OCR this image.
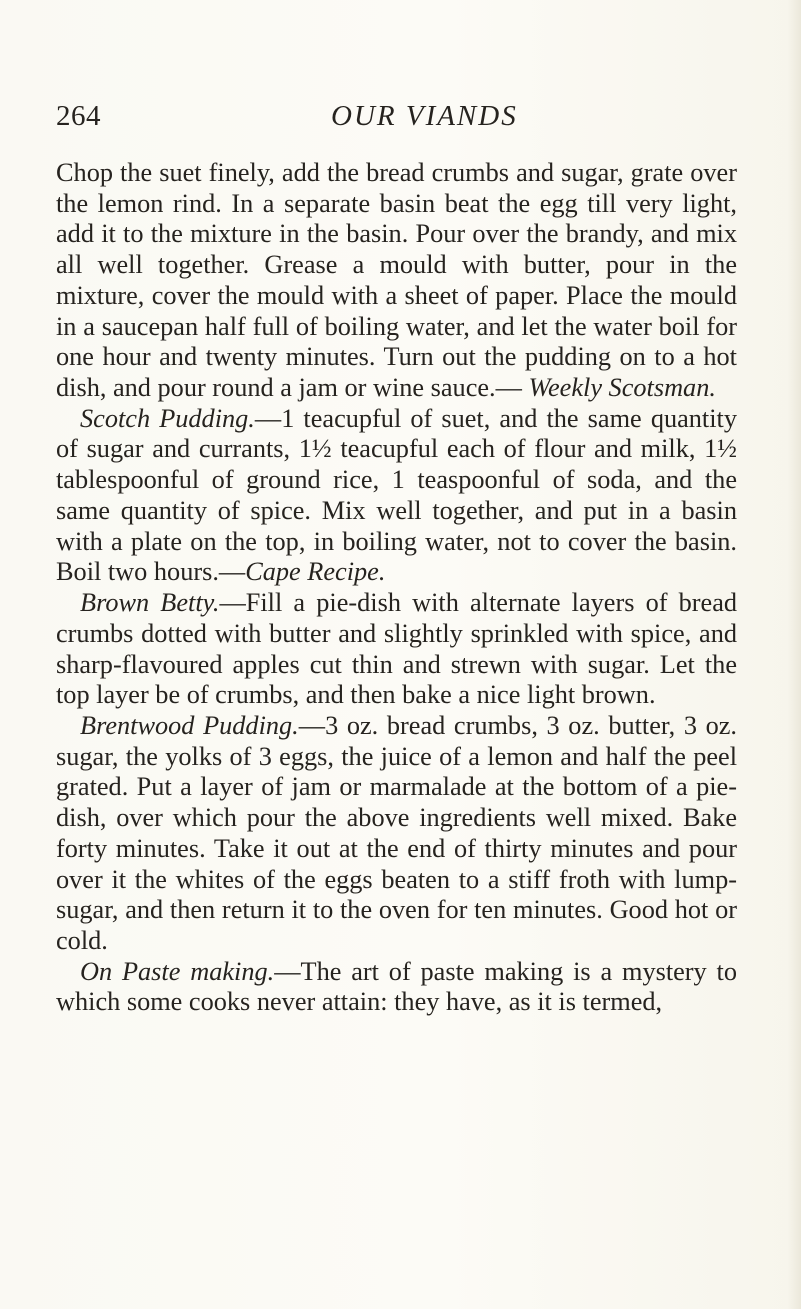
264	OUR VIANDS

Chop the suet finely, add the bread crumbs and sugar, grate over the lemon rind. In a separate basin beat the egg till very light, add it to the mixture in the basin. Pour over the brandy, and mix all well together. Grease a mould with butter, pour in the mixture, cover the mould with a sheet of paper. Place the mould in a saucepan half full of boiling water, and let the water boil for one hour and twenty minutes. Turn out the pudding on to a hot dish, and pour round a jam or wine sauce.— Weekly Scotsman.

Scotch Pudding.—1 teacupful of suet, and the same quantity of sugar and currants, 1½ teacupful each of flour and milk, 1½ tablespoonful of ground rice, 1 teaspoonful of soda, and the same quantity of spice. Mix well together, and put in a basin with a plate on the top, in boiling water, not to cover the basin. Boil two hours.—Cape Recipe.

Brown Betty.—Fill a pie-dish with alternate layers of bread crumbs dotted with butter and slightly sprinkled with spice, and sharp-flavoured apples cut thin and strewn with sugar. Let the top layer be of crumbs, and then bake a nice light brown.

Brentwood Pudding.—3 oz. bread crumbs, 3 oz. butter, 3 oz. sugar, the yolks of 3 eggs, the juice of a lemon and half the peel grated. Put a layer of jam or marmalade at the bottom of a pie-dish, over which pour the above ingredients well mixed. Bake forty minutes. Take it out at the end of thirty minutes and pour over it the whites of the eggs beaten to a stiff froth with lump-sugar, and then return it to the oven for ten minutes. Good hot or cold.

On Paste making.—The art of paste making is a mystery to which some cooks never attain: they have, as it is termed,
